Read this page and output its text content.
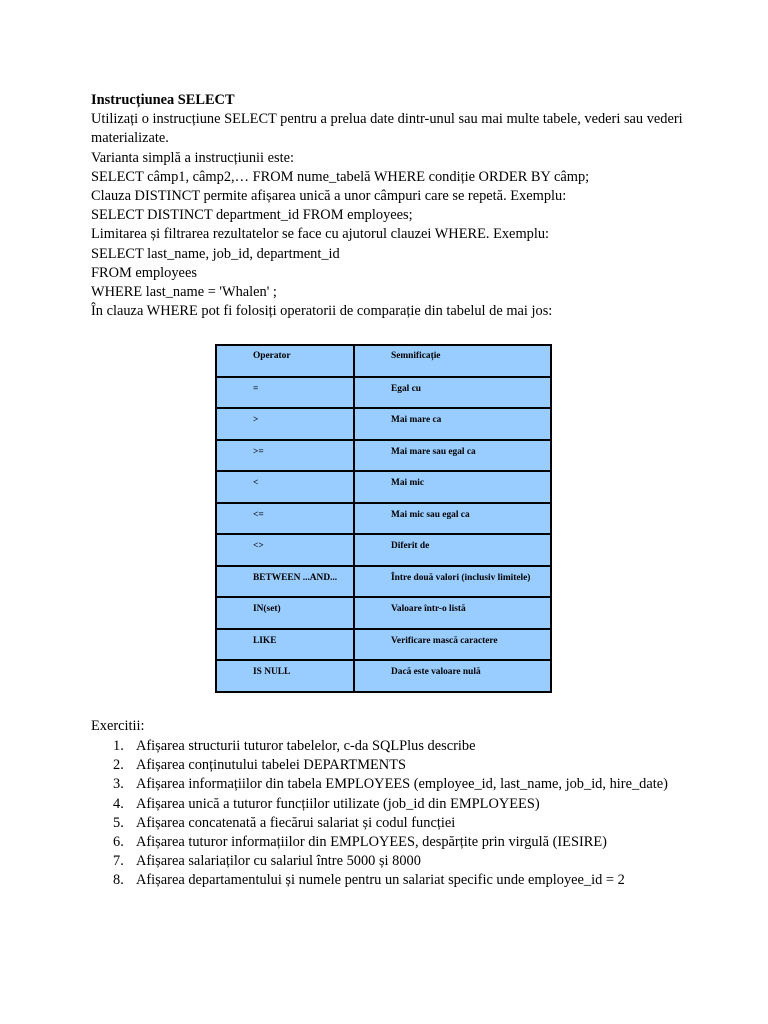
Instrucțiunea SELECT

Utilizați o instrucțiune SELECT pentru a prelua date dintr-unul sau mai multe tabele, vederi sau vederi materializate.

Varianta simplă a instrucțiunii este:

SELECT câmp1, câmp2,… FROM nume_tabelă WHERE condiție ORDER BY câmp;

Clauza DISTINCT permite afișarea unică a unor câmpuri care se repetă. Exemplu:

SELECT DISTINCT department_id FROM employees;

Limitarea și filtrarea rezultatelor se face cu ajutorul clauzei WHERE. Exemplu:

SELECT last_name, job_id, department_id

FROM employees

WHERE last_name = 'Whalen' ;

În clauza WHERE pot fi folosiți operatorii de comparație din tabelul de mai jos:

Operator	Semnificație
=	Egal cu
>	Mai mare ca
>=	Mai mare sau egal ca
<	Mai mic
<=	Mai mic sau egal ca
<>	Diferit de
BETWEEN ...AND...	Între două valori (inclusiv limitele)
IN(set)	Valoare într-o listă
LIKE	Verificare mască caractere
IS NULL	Dacă este valoare nulă

Exercitii:

1. Afișarea structurii tuturor tabelelor, c-da SQLPlus describe
2. Afișarea conținutului tabelei DEPARTMENTS
3. Afișarea informațiilor din tabela EMPLOYEES (employee_id, last_name, job_id, hire_date)
4. Afișarea unică a tuturor funcțiilor utilizate (job_id din EMPLOYEES)
5. Afișarea concatenată a fiecărui salariat și codul funcției
6. Afișarea tuturor informațiilor din EMPLOYEES, despărțite prin virgulă (IESIRE)
7. Afișarea salariaților cu salariul între 5000 și 8000
8. Afișarea departamentului și numele pentru un salariat specific unde employee_id = 2
